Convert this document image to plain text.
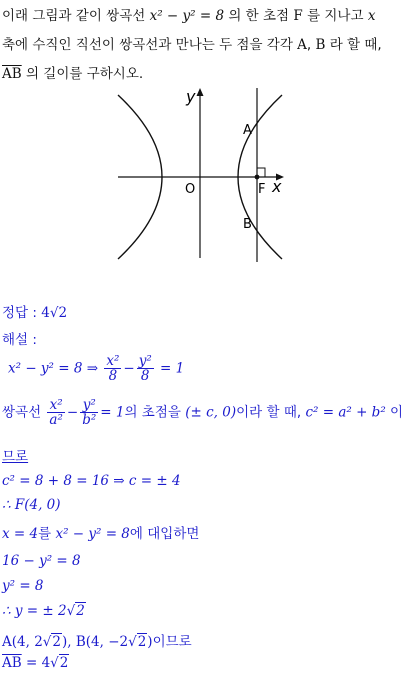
이래 그림과 같이 쌍곡선 x² − y² = 8 의 한 초점 F 를 지나고 x
축에 수직인 직선이 쌍곡선과 만나는 두 점을 각각 A, B 라 할 때,
$\overline{AB}$ 의 길이를 구하시오.
y
x
O
A
B
F
정답 : 4√2
해설 :
x² − y² = 8 ⇒ $\frac{\text{x²}}{8} - \frac{\text{y²}}{8} = 1$
쌍곡선 $\frac{\text{x²}}{\text{a²}} - \frac{\text{y²}}{\text{b²}} = 1$의 초점을 (± c, 0)이라 할 때, c² = a² + b² 이
므로
c² = 8 + 8 = 16 ⇒ c = ± 4
∴ F(4, 0)
x = 4를 x² − y² = 8에 대입하면
16 − y² = 8
y² = 8
∴ y = ± 2√2
A(4, 2√2), B(4, −2√2)이므로
$\overline{AB} = 4√2$
